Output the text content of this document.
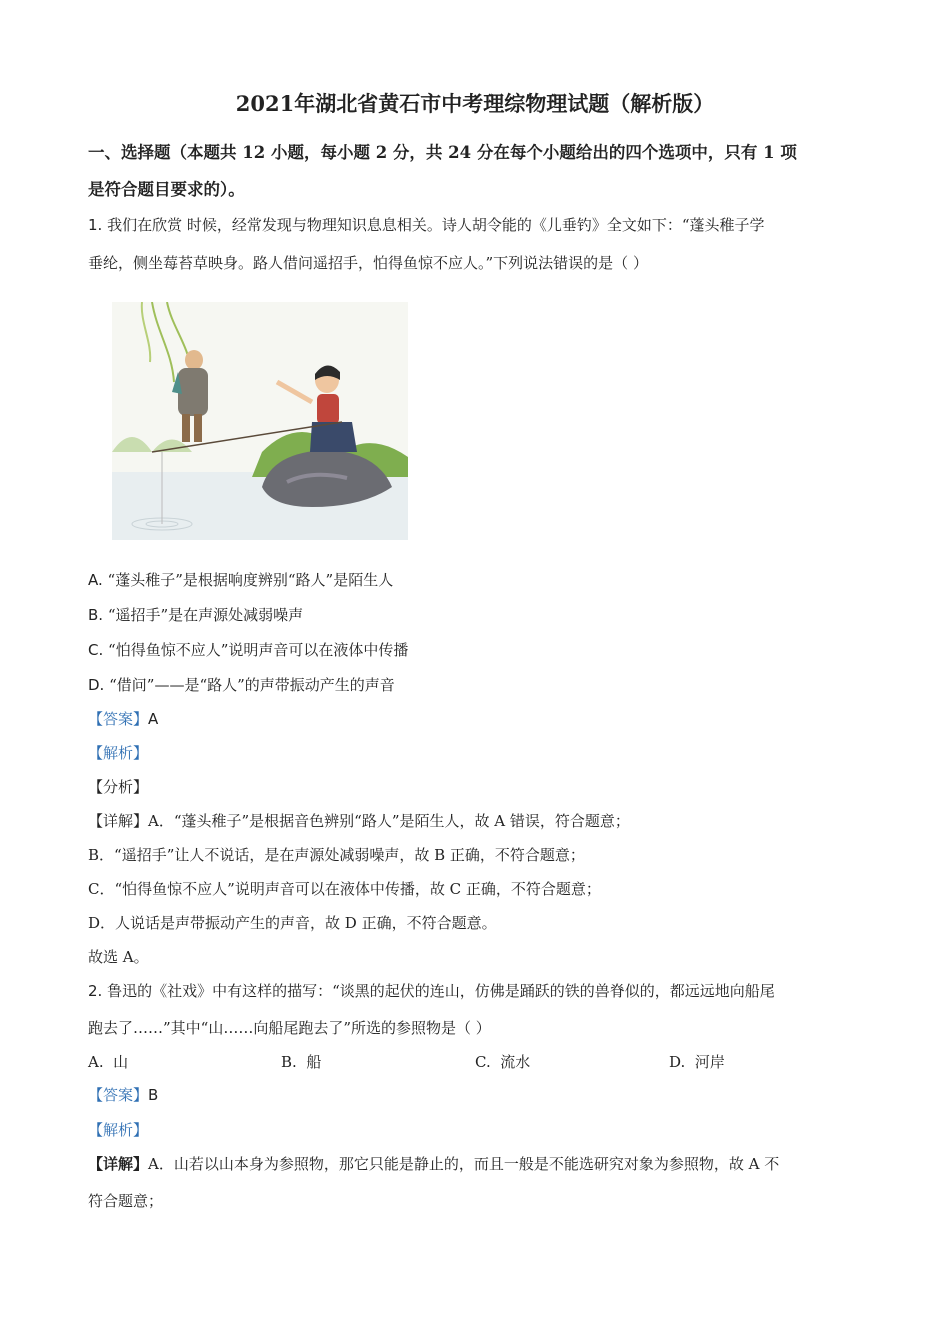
2021年湖北省黄石市中考理综物理试题（解析版）
一、选择题（本题共 12 小题，每小题 2 分，共 24 分在每个小题给出的四个选项中，只有 1 项
是符合题目要求的）。
1. 我们在欣赏 时候，经常发现与物理知识息息相关。诗人胡令能的《儿垂钓》全文如下：“蓬头稚子学
垂纶，侧坐莓苔草映身。路人借问遥招手，怕得鱼惊不应人。”下列说法错误的是（ ）
A. “蓬头稚子”是根据响度辨别“路人”是陌生人
B. “遥招手”是在声源处减弱噪声
C. “怕得鱼惊不应人”说明声音可以在液体中传播
D. “借问”——是“路人”的声带振动产生的声音
【答案】A
【解析】
【分析】
【详解】A．“蓬头稚子”是根据音色辨别“路人”是陌生人，故 A 错误，符合题意；
B．“遥招手”让人不说话，是在声源处减弱噪声，故 B 正确，不符合题意；
C．“怕得鱼惊不应人”说明声音可以在液体中传播，故 C 正确，不符合题意；
D．人说话是声带振动产生的声音，故 D 正确，不符合题意。
故选 A。
2. 鲁迅的《社戏》中有这样的描写：“谈黑的起伏的连山，仿佛是踊跃的铁的兽脊似的，都远远地向船尾
跑去了……”其中“山……向船尾跑去了”所选的参照物是（ ）
A. 山	B. 船	C. 流水	D. 河岸
【答案】B
【解析】
【详解】A．山若以山本身为参照物，那它只能是静止的，而且一般是不能选研究对象为参照物，故 A 不
符合题意；
